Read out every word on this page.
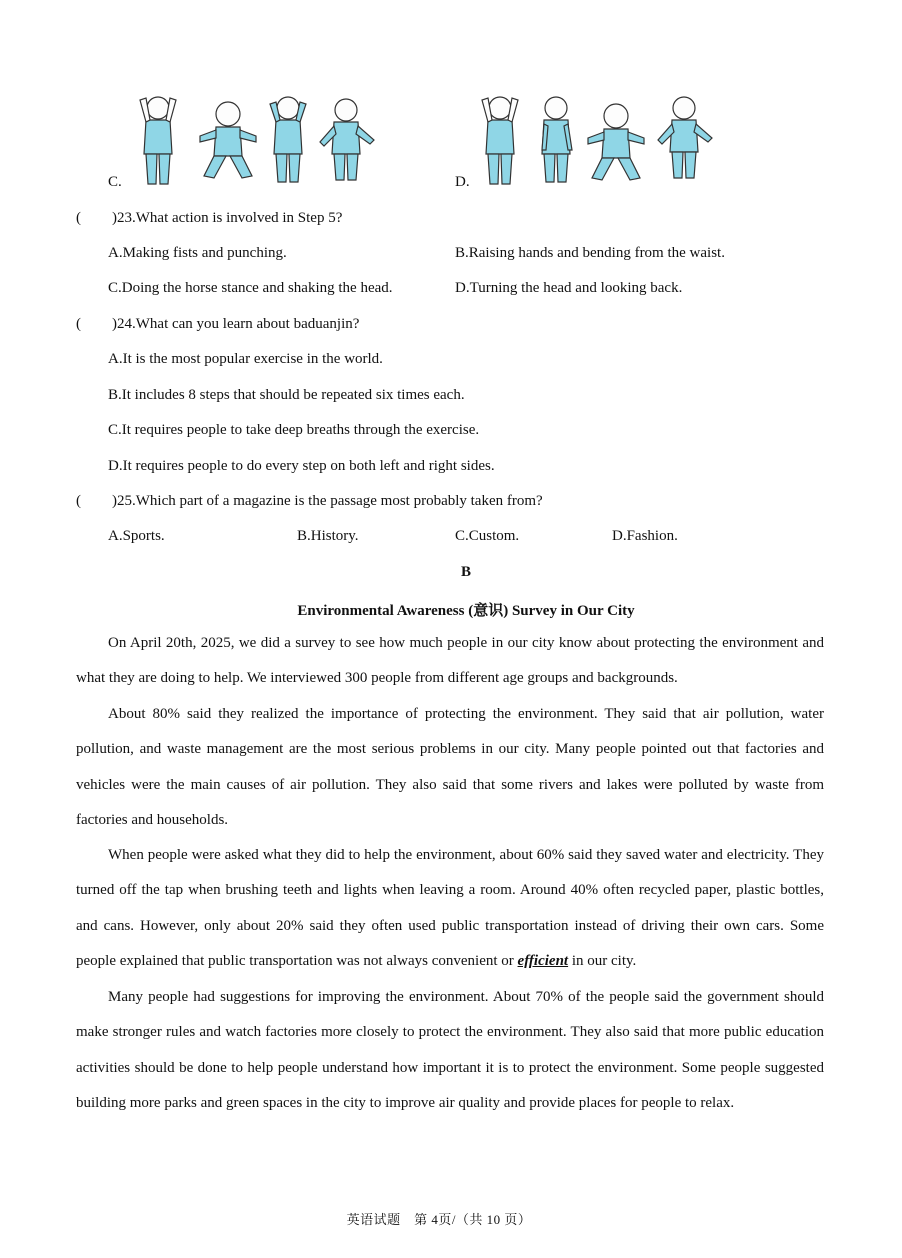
C.	D.
( )23.What action is involved in Step 5?
A.Making fists and punching.	B.Raising hands and bending from the waist.
C.Doing the horse stance and shaking the head.	D.Turning the head and looking back.
( )24.What can you learn about baduanjin?
A.It is the most popular exercise in the world.
B.It includes 8 steps that should be repeated six times each.
C.It requires people to take deep breaths through the exercise.
D.It requires people to do every step on both left and right sides.
( )25.Which part of a magazine is the passage most probably taken from?
A.Sports.	B.History.	C.Custom.	D.Fashion.
B
Environmental Awareness (意识) Survey in Our City

On April 20th, 2025, we did a survey to see how much people in our city know about protecting the environment and what they are doing to help. We interviewed 300 people from different age groups and backgrounds.

About 80% said they realized the importance of protecting the environment. They said that air pollution, water pollution, and waste management are the most serious problems in our city. Many people pointed out that factories and vehicles were the main causes of air pollution. They also said that some rivers and lakes were polluted by waste from factories and households.

When people were asked what they did to help the environment, about 60% said they saved water and electricity. They turned off the tap when brushing teeth and lights when leaving a room. Around 40% often recycled paper, plastic bottles, and cans. However, only about 20% said they often used public transportation instead of driving their own cars. Some people explained that public transportation was not always convenient or efficient in our city.

Many people had suggestions for improving the environment. About 70% of the people said the government should make stronger rules and watch factories more closely to protect the environment. They also said that more public education activities should be done to help people understand how important it is to protect the environment. Some people suggested building more parks and green spaces in the city to improve air quality and provide places for people to relax.

英语试题　第 4页/（共 10 页）
